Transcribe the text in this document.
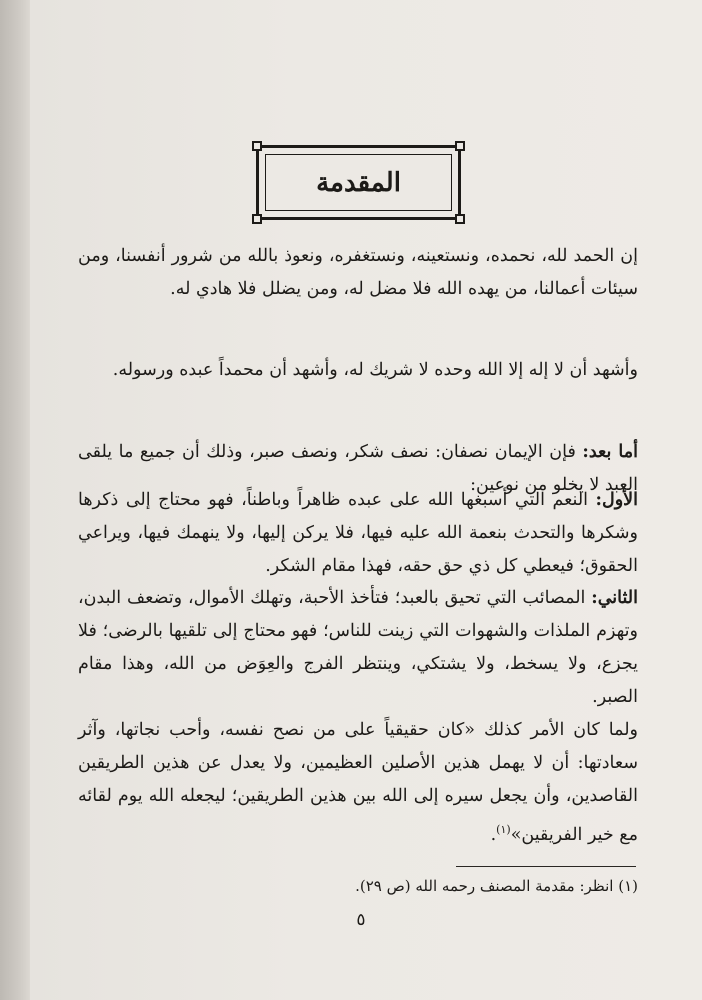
المقدمة

إن الحمد لله، نحمده، ونستعينه، ونستغفره، ونعوذ بالله من شرور أنفسنا، ومن سيئات أعمالنا، من يهده الله فلا مضل له، ومن يضلل فلا هادي له.

وأشهد أن لا إله إلا الله وحده لا شريك له، وأشهد أن محمداً عبده ورسوله.

أما بعد: فإن الإيمان نصفان: نصف شكر، ونصف صبر، وذلك أن جميع ما يلقى العبد لا يخلو من نوعين:

الأول: النعم التي أسبغها الله على عبده ظاهراً وباطناً، فهو محتاج إلى ذكرها وشكرها والتحدث بنعمة الله عليه فيها، فلا يركن إليها، ولا ينهمك فيها، ويراعي الحقوق؛ فيعطي كل ذي حق حقه، فهذا مقام الشكر.

الثاني: المصائب التي تحيق بالعبد؛ فتأخذ الأحبة، وتهلك الأموال، وتضعف البدن، وتهزم الملذات والشهوات التي زينت للناس؛ فهو محتاج إلى تلقيها بالرضى؛ فلا يجزع، ولا يسخط، ولا يشتكي، وينتظر الفرج والعِوَض من الله، وهذا مقام الصبر.

ولما كان الأمر كذلك «كان حقيقياً على من نصح نفسه، وأحب نجاتها، وآثر سعادتها: أن لا يهمل هذين الأصلين العظيمين، ولا يعدل عن هذين الطريقين القاصدين، وأن يجعل سيره إلى الله بين هذين الطريقين؛ ليجعله الله يوم لقائه مع خير الفريقين»$^{(١)}$.

(١) انظر: مقدمة المصنف رحمه الله (ص ٢٩).
٥
